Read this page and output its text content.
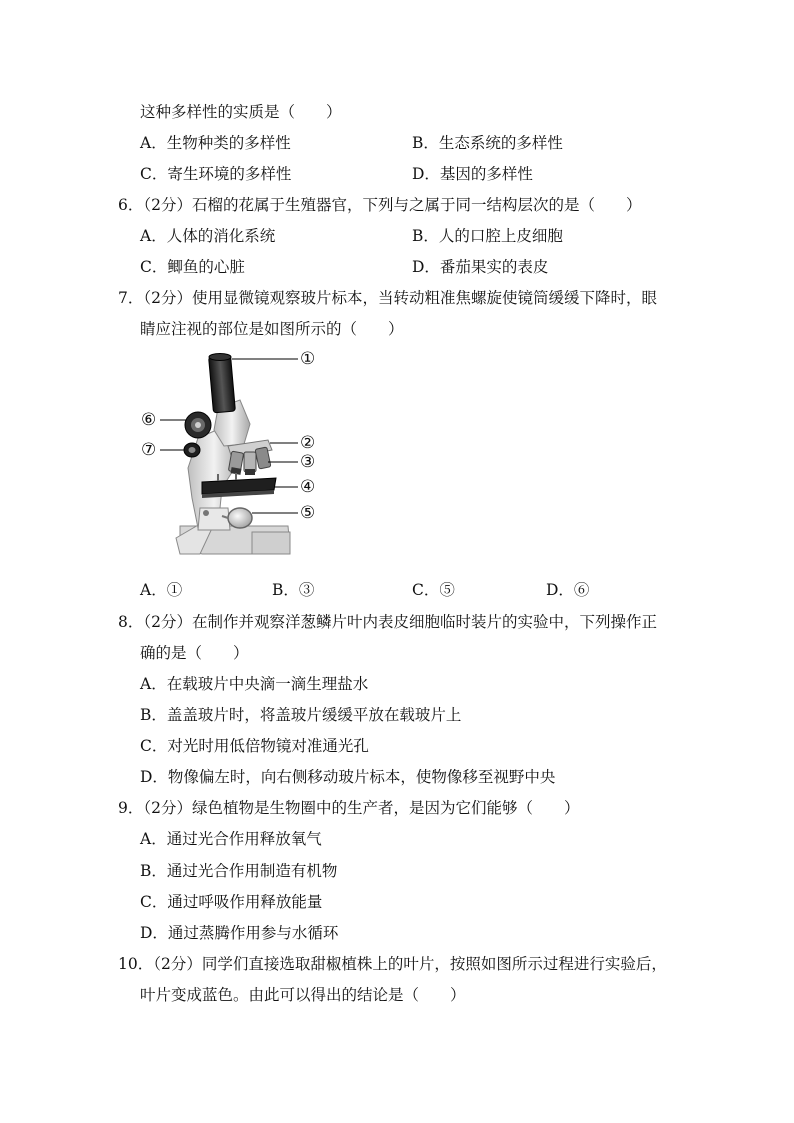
这种多样性的实质是（　　）
A．生物种类的多样性	B．生态系统的多样性
C．寄生环境的多样性	D．基因的多样性
6．（2分）石榴的花属于生殖器官，下列与之属于同一结构层次的是（　　）
A．人体的消化系统	B．人的口腔上皮细胞
C．鲫鱼的心脏	D．番茄果实的表皮
7．（2分）使用显微镜观察玻片标本，当转动粗准焦螺旋使镜筒缓缓下降时，眼
睛应注视的部位是如图所示的（　　）
①
②
③
④
⑤
⑥
⑦
A．①	B．③	C．⑤	D．⑥
8．（2分）在制作并观察洋葱鳞片叶内表皮细胞临时装片的实验中，下列操作正
确的是（　　）
A．在载玻片中央滴一滴生理盐水
B．盖盖玻片时，将盖玻片缓缓平放在载玻片上
C．对光时用低倍物镜对准通光孔
D．物像偏左时，向右侧移动玻片标本，使物像移至视野中央
9．（2分）绿色植物是生物圈中的生产者，是因为它们能够（　　）
A．通过光合作用释放氧气
B．通过光合作用制造有机物
C．通过呼吸作用释放能量
D．通过蒸腾作用参与水循环
10．（2分）同学们直接选取甜椒植株上的叶片，按照如图所示过程进行实验后，
叶片变成蓝色。由此可以得出的结论是（　　）
